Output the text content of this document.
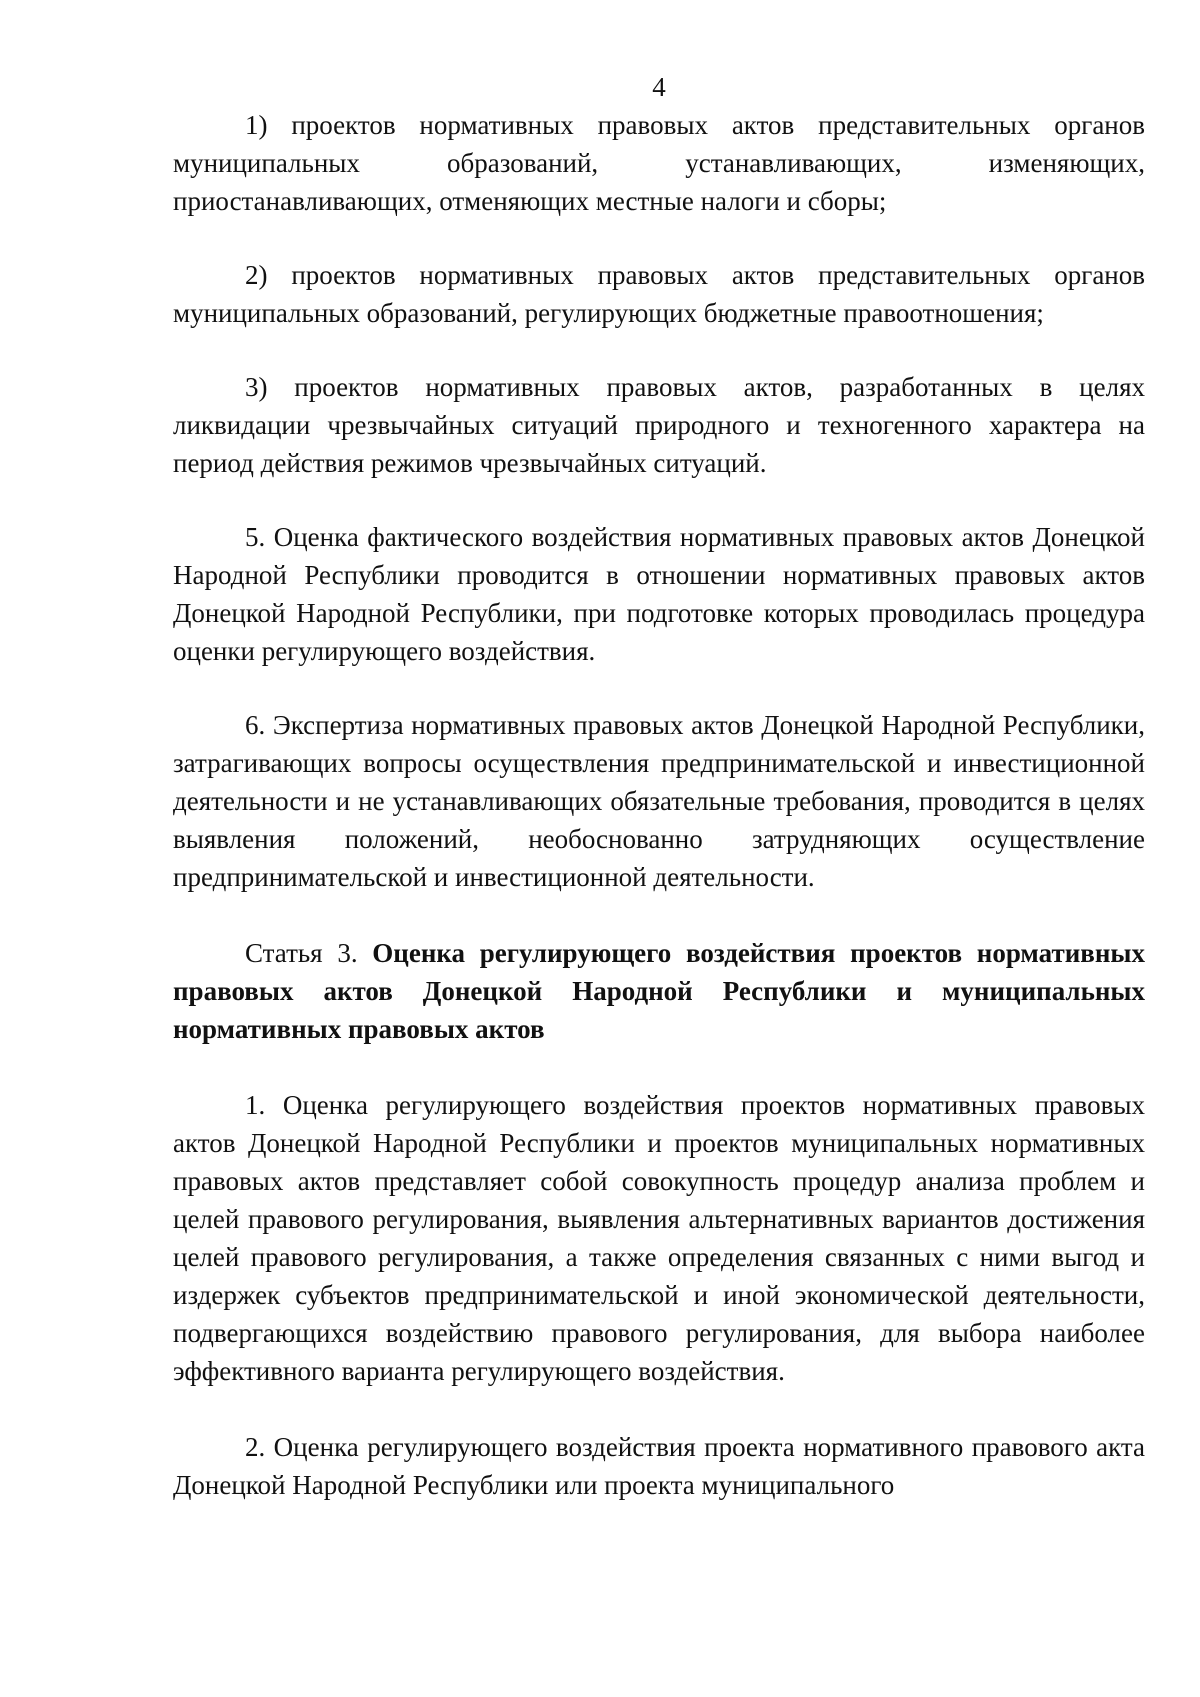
4

1) проектов нормативных правовых актов представительных органов муниципальных образований, устанавливающих, изменяющих, приостанавливающих, отменяющих местные налоги и сборы;

2) проектов нормативных правовых актов представительных органов муниципальных образований, регулирующих бюджетные правоотношения;

3) проектов нормативных правовых актов, разработанных в целях ликвидации чрезвычайных ситуаций природного и техногенного характера на период действия режимов чрезвычайных ситуаций.

5. Оценка фактического воздействия нормативных правовых актов Донецкой Народной Республики проводится в отношении нормативных правовых актов Донецкой Народной Республики, при подготовке которых проводилась процедура оценки регулирующего воздействия.

6. Экспертиза нормативных правовых актов Донецкой Народной Республики, затрагивающих вопросы осуществления предпринимательской и инвестиционной деятельности и не устанавливающих обязательные требования, проводится в целях выявления положений, необоснованно затрудняющих осуществление предпринимательской и инвестиционной деятельности.

Статья 3. Оценка регулирующего воздействия проектов нормативных правовых актов Донецкой Народной Республики и муниципальных нормативных правовых актов

1. Оценка регулирующего воздействия проектов нормативных правовых актов Донецкой Народной Республики и проектов муниципальных нормативных правовых актов представляет собой совокупность процедур анализа проблем и целей правового регулирования, выявления альтернативных вариантов достижения целей правового регулирования, а также определения связанных с ними выгод и издержек субъектов предпринимательской и иной экономической деятельности, подвергающихся воздействию правового регулирования, для выбора наиболее эффективного варианта регулирующего воздействия.

2. Оценка регулирующего воздействия проекта нормативного правового акта Донецкой Народной Республики или проекта муниципального
